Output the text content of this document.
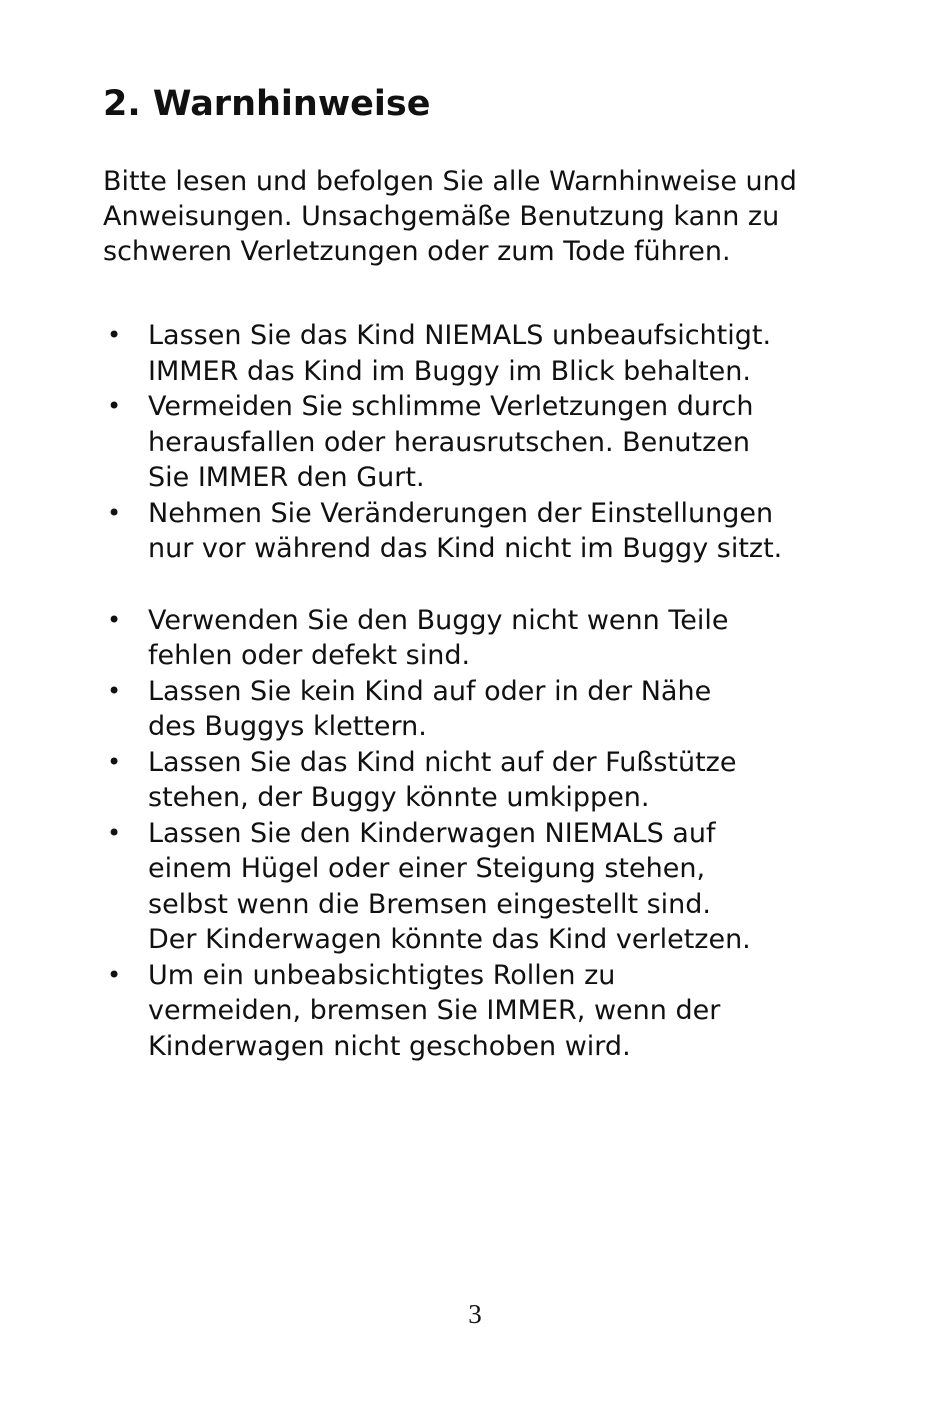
2. Warnhinweise

Bitte lesen und befolgen Sie alle Warnhinweise und
Anweisungen. Unsachgemäße Benutzung kann zu
schweren Verletzungen oder zum Tode führen.

• Lassen Sie das Kind NIEMALS unbeaufsichtigt.
IMMER das Kind im Buggy im Blick behalten.
• Vermeiden Sie schlimme Verletzungen durch
herausfallen oder herausrutschen. Benutzen
Sie IMMER den Gurt.
• Nehmen Sie Veränderungen der Einstellungen
nur vor während das Kind nicht im Buggy sitzt.
• Verwenden Sie den Buggy nicht wenn Teile
fehlen oder defekt sind.
• Lassen Sie kein Kind auf oder in der Nähe
des Buggys klettern.
• Lassen Sie das Kind nicht auf der Fußstütze
stehen, der Buggy könnte umkippen.
• Lassen Sie den Kinderwagen NIEMALS auf
einem Hügel oder einer Steigung stehen,
selbst wenn die Bremsen eingestellt sind.
Der Kinderwagen könnte das Kind verletzen.
• Um ein unbeabsichtigtes Rollen zu
vermeiden, bremsen Sie IMMER, wenn der
Kinderwagen nicht geschoben wird.

3
